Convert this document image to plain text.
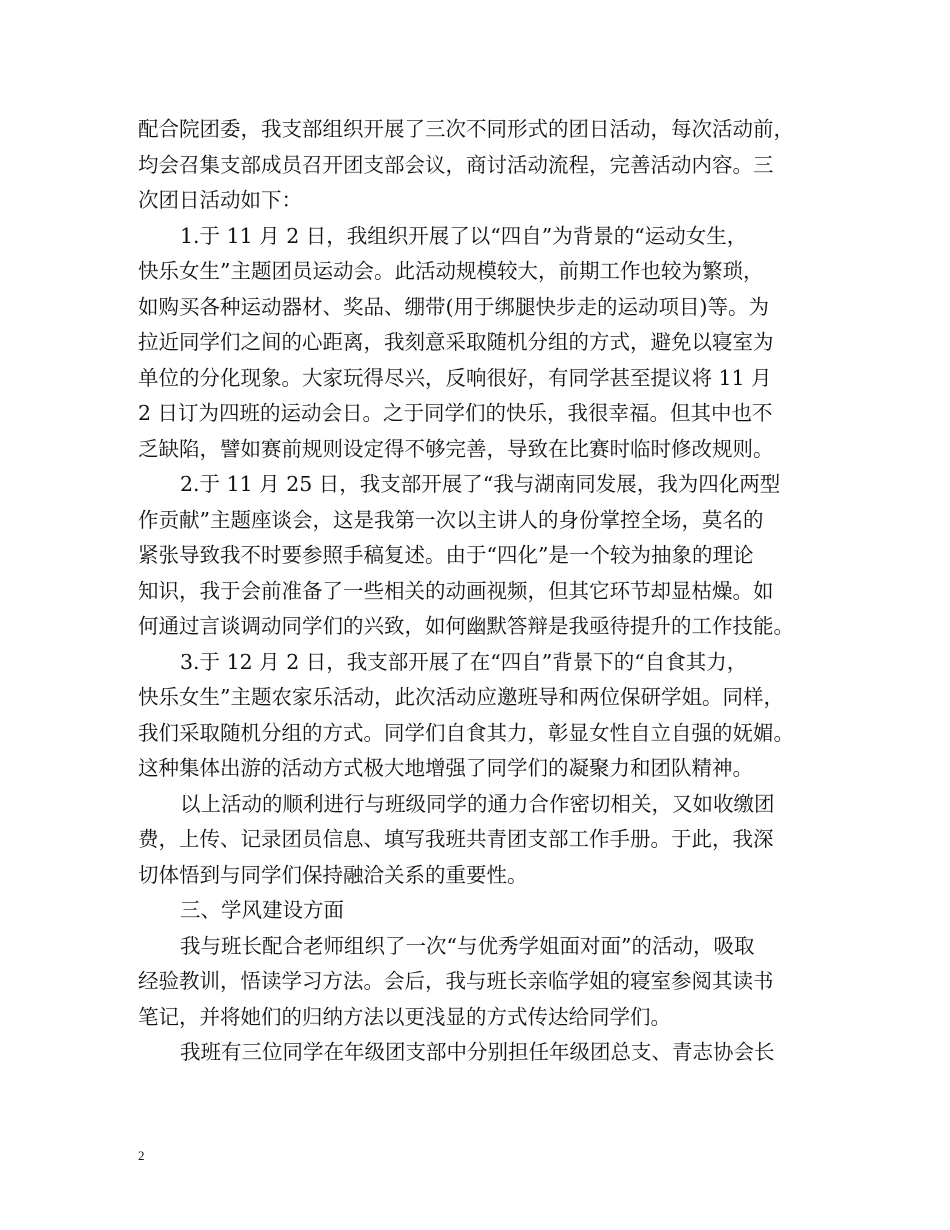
配合院团委，我支部组织开展了三次不同形式的团日活动，每次活动前，
均会召集支部成员召开团支部会议，商讨活动流程，完善活动内容。三
次团日活动如下：
1.于 11 月 2 日，我组织开展了以“四自”为背景的“运动女生，
快乐女生”主题团员运动会。此活动规模较大，前期工作也较为繁琐，
如购买各种运动器材、奖品、绷带(用于绑腿快步走的运动项目)等。为
拉近同学们之间的心距离，我刻意采取随机分组的方式，避免以寝室为
单位的分化现象。大家玩得尽兴，反响很好，有同学甚至提议将 11 月
2 日订为四班的运动会日。之于同学们的快乐，我很幸福。但其中也不
乏缺陷，譬如赛前规则设定得不够完善，导致在比赛时临时修改规则。
2.于 11 月 25 日，我支部开展了“我与湖南同发展，我为四化两型
作贡献”主题座谈会，这是我第一次以主讲人的身份掌控全场，莫名的
紧张导致我不时要参照手稿复述。由于“四化”是一个较为抽象的理论
知识，我于会前准备了一些相关的动画视频，但其它环节却显枯燥。如
何通过言谈调动同学们的兴致，如何幽默答辩是我亟待提升的工作技能。
3.于 12 月 2 日，我支部开展了在“四自”背景下的“自食其力，
快乐女生”主题农家乐活动，此次活动应邀班导和两位保研学姐。同样，
我们采取随机分组的方式。同学们自食其力，彰显女性自立自强的妩媚。
这种集体出游的活动方式极大地增强了同学们的凝聚力和团队精神。
以上活动的顺利进行与班级同学的通力合作密切相关，又如收缴团
费，上传、记录团员信息、填写我班共青团支部工作手册。于此，我深
切体悟到与同学们保持融洽关系的重要性。
三、学风建设方面
我与班长配合老师组织了一次“与优秀学姐面对面”的活动，吸取
经验教训，悟读学习方法。会后，我与班长亲临学姐的寝室参阅其读书
笔记，并将她们的归纳方法以更浅显的方式传达给同学们。
我班有三位同学在年级团支部中分别担任年级团总支、青志协会长
2
